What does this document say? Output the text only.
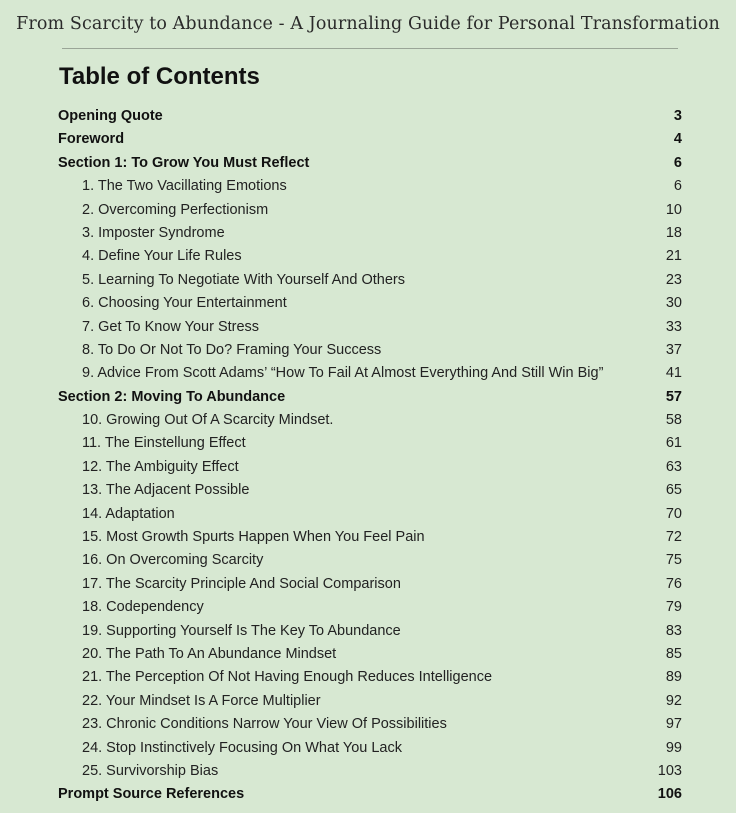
From Scarcity to Abundance - A Journaling Guide for Personal Transformation
Table of Contents
Opening Quote	3
Foreword	4
Section 1: To Grow You Must Reflect	6
1. The Two Vacillating Emotions	6
2. Overcoming Perfectionism	10
3. Imposter Syndrome	18
4. Define Your Life Rules	21
5. Learning To Negotiate With Yourself And Others	23
6. Choosing Your Entertainment	30
7. Get To Know Your Stress	33
8. To Do Or Not To Do? Framing Your Success	37
9. Advice From Scott Adams’ “How To Fail At Almost Everything And Still Win Big”	41
Section 2: Moving To Abundance	57
10. Growing Out Of A Scarcity Mindset.	58
11. The Einstellung Effect	61
12. The Ambiguity Effect	63
13. The Adjacent Possible	65
14. Adaptation	70
15. Most Growth Spurts Happen When You Feel Pain	72
16. On Overcoming Scarcity	75
17. The Scarcity Principle And Social Comparison	76
18. Codependency	79
19. Supporting Yourself Is The Key To Abundance	83
20. The Path To An Abundance Mindset	85
21. The Perception Of Not Having Enough Reduces Intelligence	89
22. Your Mindset Is A Force Multiplier	92
23. Chronic Conditions Narrow Your View Of Possibilities	97
24. Stop Instinctively Focusing On What You Lack	99
25. Survivorship Bias	103
Prompt Source References	106
